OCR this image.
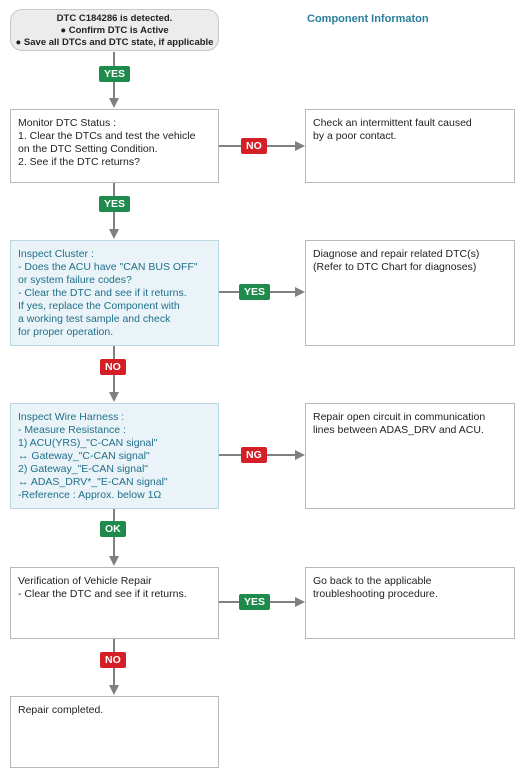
Component Informaton
DTC C184286 is detected.
● Confirm DTC is Active
● Save all DTCs and DTC state, if applicable
Monitor DTC Status :
1. Clear the DTCs and test the vehicle
on the DTC Setting Condition.
2. See if the DTC returns?
Inspect Cluster :
- Does the ACU have "CAN BUS OFF"
or system failure codes?
- Clear the DTC and see if it returns.
If yes, replace the Component with
a working test sample and check
for proper operation.
Inspect Wire Harness :
- Measure Resistance :
1) ACU(YRS)_"C-CAN signal"
↔ Gateway_"C-CAN signal"
2) Gateway_"E-CAN signal"
↔ ADAS_DRV*_"E-CAN signal"
-Reference : Approx. below 1Ω
Verification of Vehicle Repair
- Clear the DTC and see if it returns.
Repair completed.
Check an intermittent fault caused
by a poor contact.
Diagnose and repair related DTC(s)
(Refer to DTC Chart for diagnoses)
Repair open circuit in communication
lines between ADAS_DRV and ACU.
Go back to the applicable
troubleshooting procedure.
YES
YES
NO
OK
NO
NO
YES
NG
YES
